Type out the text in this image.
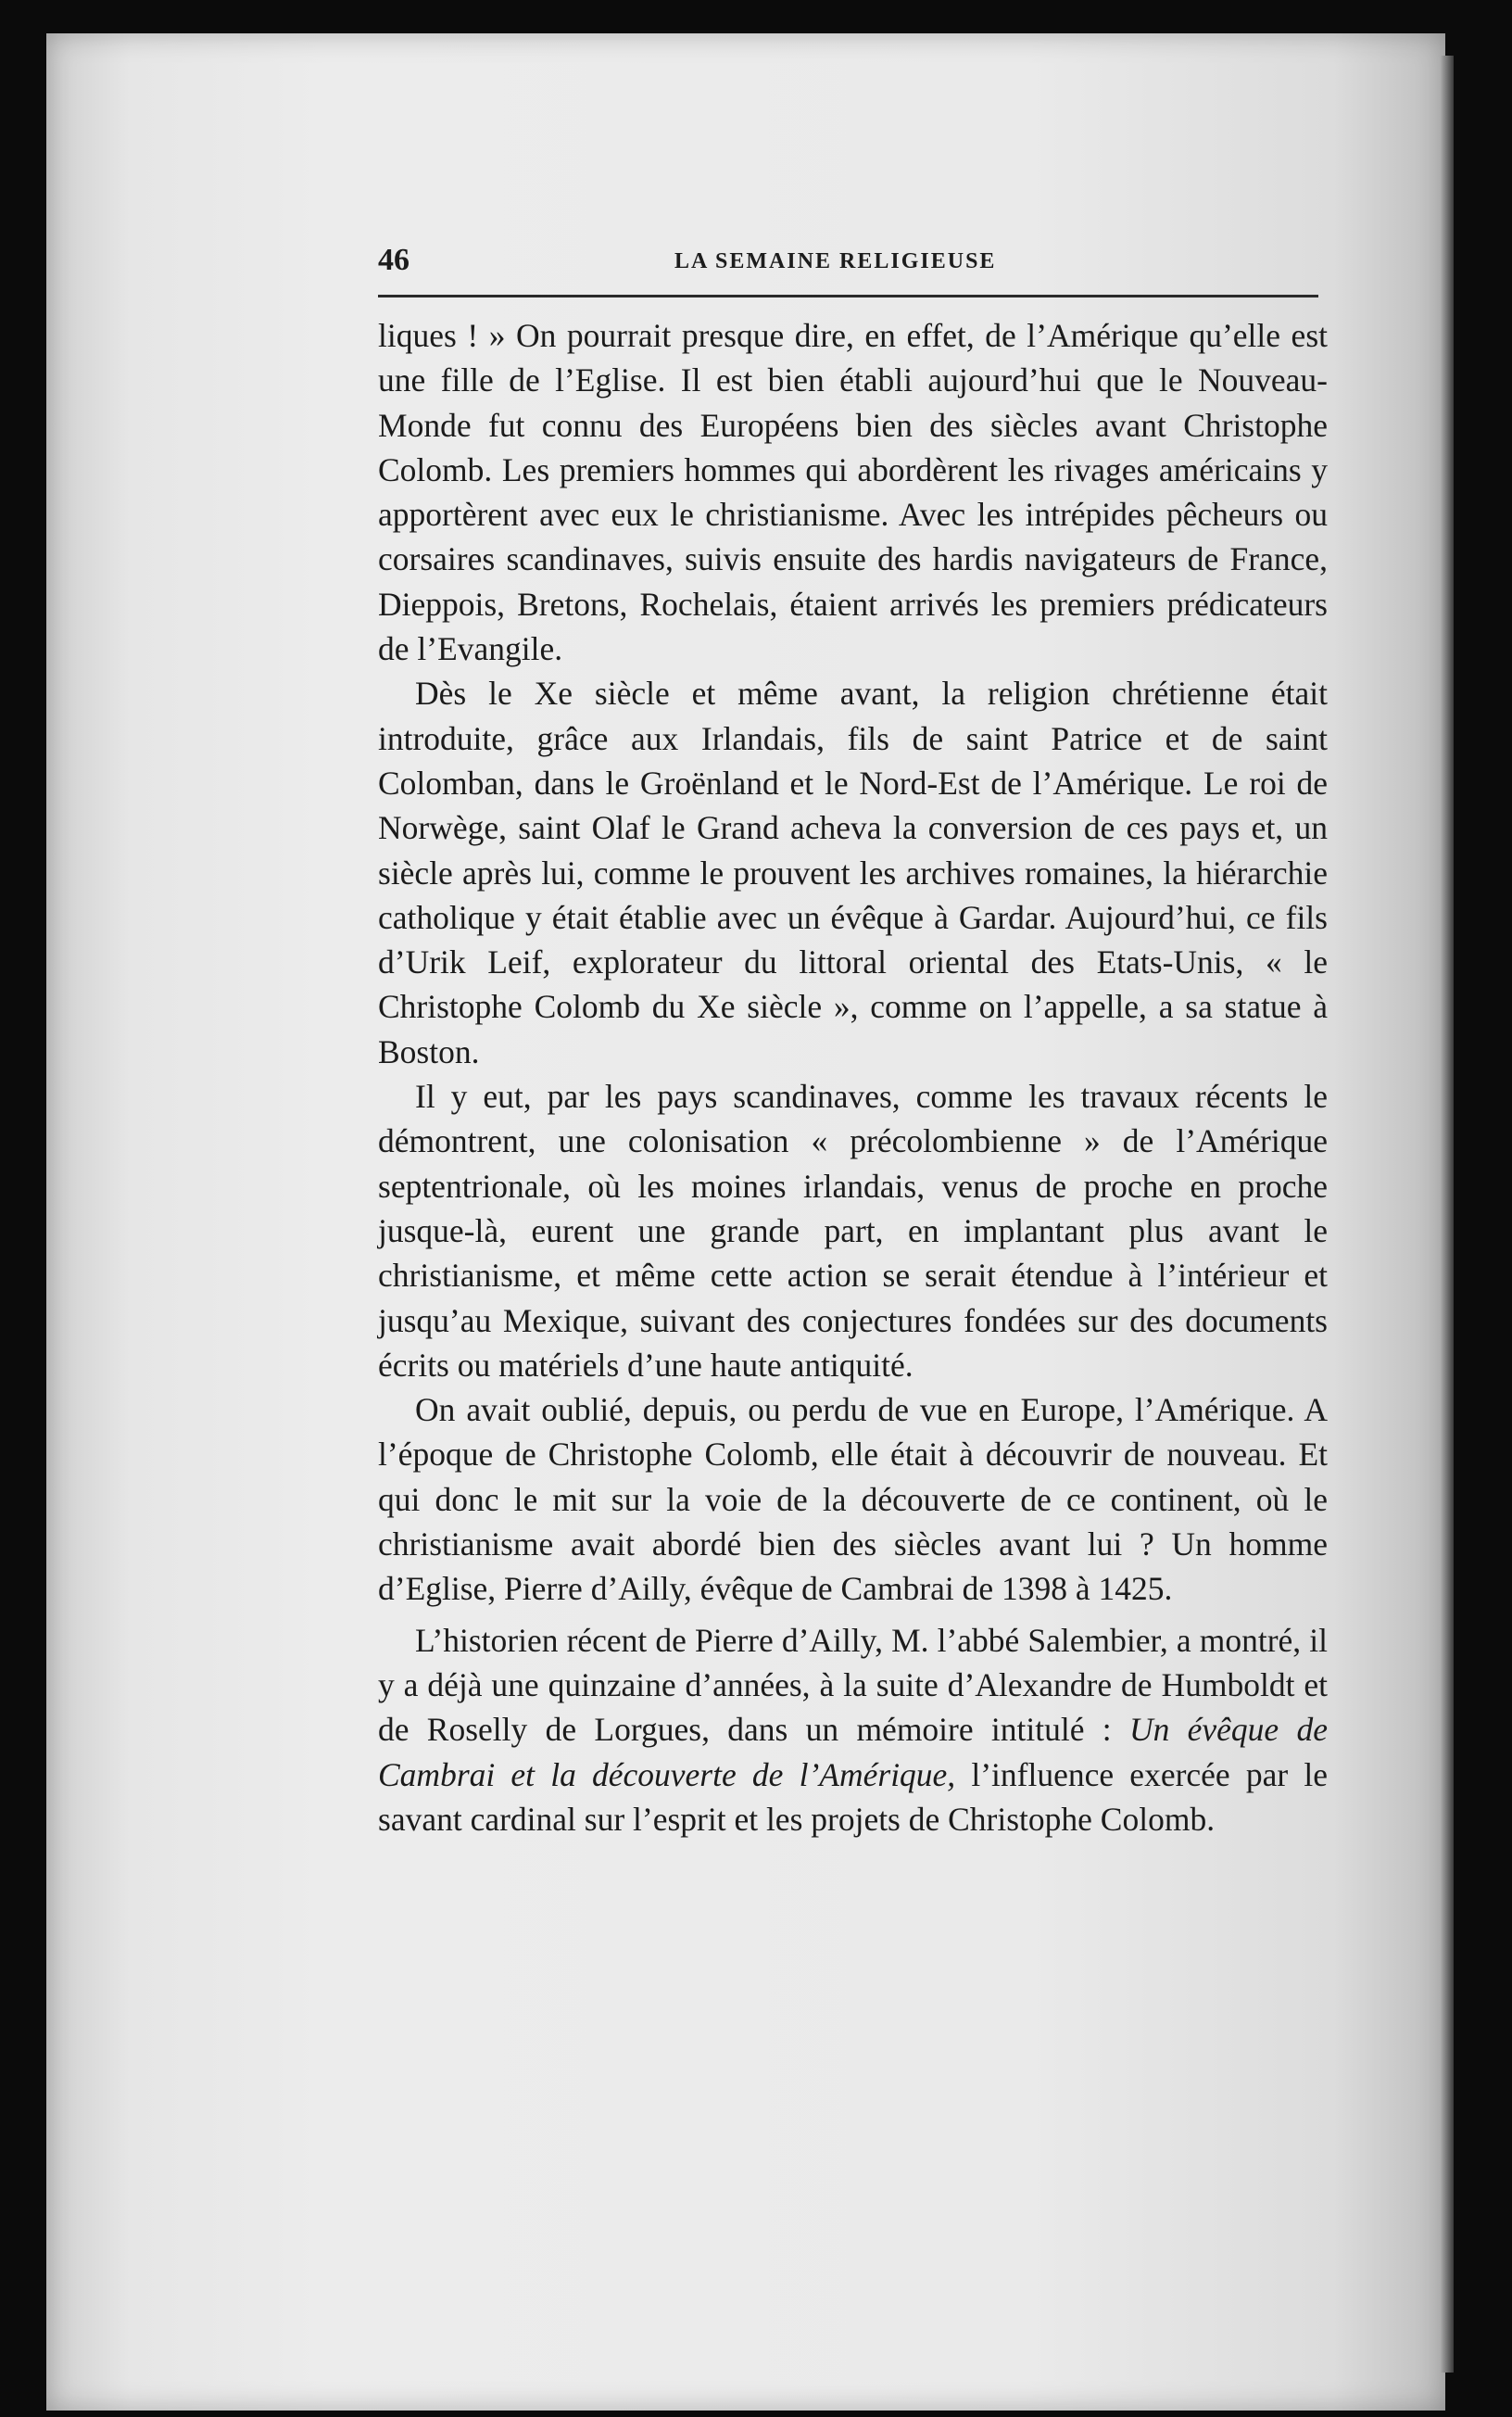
46	LA SEMAINE RELIGIEUSE

liques ! » On pourrait presque dire, en effet, de l’Amérique qu’elle est une fille de l’Eglise. Il est bien établi aujourd’hui que le Nouveau-Monde fut connu des Européens bien des siècles avant Christophe Colomb. Les premiers hommes qui abordèrent les rivages américains y apportèrent avec eux le christianisme. Avec les intrépides pêcheurs ou corsaires scandinaves, suivis ensuite des hardis navigateurs de France, Dieppois, Bretons, Rochelais, étaient arrivés les premiers prédicateurs de l’Evangile.

Dès le Xe siècle et même avant, la religion chrétienne était introduite, grâce aux Irlandais, fils de saint Patrice et de saint Colomban, dans le Groënland et le Nord-Est de l’Amérique. Le roi de Norwège, saint Olaf le Grand acheva la conversion de ces pays et, un siècle après lui, comme le prouvent les archives romaines, la hiérarchie catholique y était établie avec un évêque à Gardar. Aujourd’hui, ce fils d’Urik Leif, explorateur du littoral oriental des Etats-Unis, « le Christophe Colomb du Xe siècle », comme on l’appelle, a sa statue à Boston.

Il y eut, par les pays scandinaves, comme les travaux récents le démontrent, une colonisation « précolombienne » de l’Amérique septentrionale, où les moines irlandais, venus de proche en proche jusque-là, eurent une grande part, en implantant plus avant le christianisme, et même cette action se serait étendue à l’intérieur et jusqu’au Mexique, suivant des conjectures fondées sur des documents écrits ou matériels d’une haute antiquité.

On avait oublié, depuis, ou perdu de vue en Europe, l’Amérique. A l’époque de Christophe Colomb, elle était à découvrir de nouveau. Et qui donc le mit sur la voie de la découverte de ce continent, où le christianisme avait abordé bien des siècles avant lui ? Un homme d’Eglise, Pierre d’Ailly, évêque de Cambrai de 1398 à 1425.

L’historien récent de Pierre d’Ailly, M. l’abbé Salembier, a montré, il y a déjà une quinzaine d’années, à la suite d’Alexandre de Humboldt et de Roselly de Lorgues, dans un mémoire intitulé : Un évêque de Cambrai et la découverte de l’Amérique, l’influence exercée par le savant cardinal sur l’esprit et les projets de Christophe Colomb.
